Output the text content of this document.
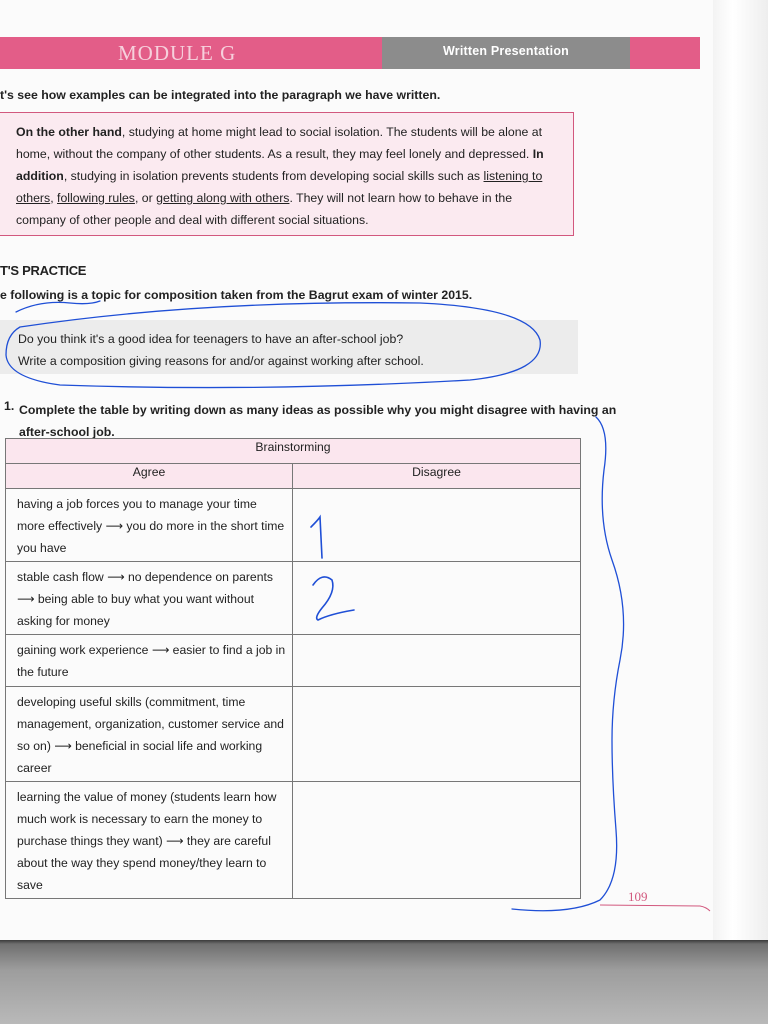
MODULE G	Written Presentation
t's see how examples can be integrated into the paragraph we have written.
On the other hand, studying at home might lead to social isolation. The students will be alone at home, without the company of other students. As a result, they may feel lonely and depressed. In addition, studying in isolation prevents students from developing social skills such as listening to others, following rules, or getting along with others. They will not learn how to behave in the company of other people and deal with different social situations.
T'S PRACTICE
e following is a topic for composition taken from the Bagrut exam of winter 2015.
Do you think it's a good idea for teenagers to have an after-school job?
Write a composition giving reasons for and/or against working after school.
1. Complete the table by writing down as many ideas as possible why you might disagree with having an
after-school job.
Brainstorming	
Agree	Disagree
having a job forces you to manage your time more effectively ⟶ you do more in the short time you have	
stable cash flow ⟶ no dependence on parents ⟶ being able to buy what you want without asking for money	
gaining work experience ⟶ easier to find a job in the future	
developing useful skills (commitment, time management, organization, customer service and so on) ⟶ beneficial in social life and working career	
learning the value of money (students learn how much work is necessary to earn the money to purchase things they want) ⟶ they are careful about the way they spend money/they learn to save	
109
